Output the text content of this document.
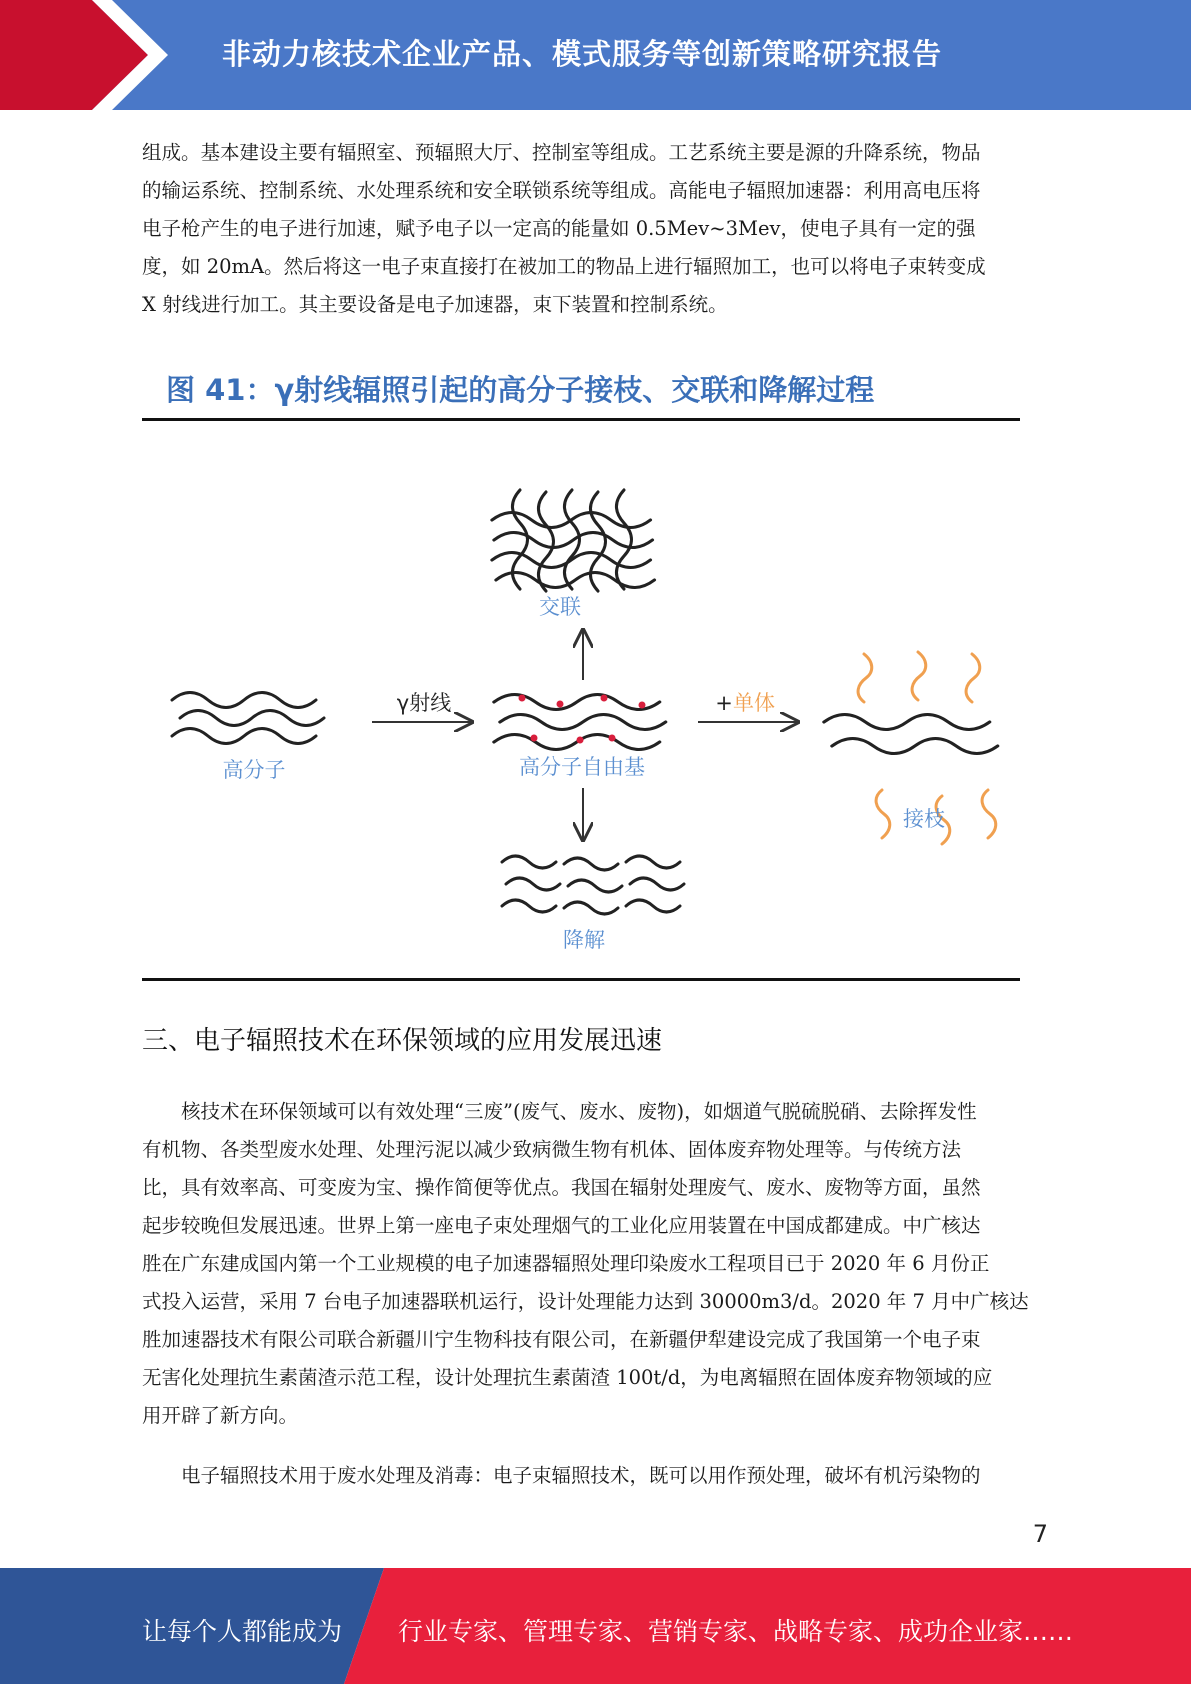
非动力核技术企业产品、模式服务等创新策略研究报告

组成。基本建设主要有辐照室、预辐照大厅、控制室等组成。工艺系统主要是源的升降系统，物品

的输运系统、控制系统、水处理系统和安全联锁系统等组成。高能电子辐照加速器：利用高电压将

电子枪产生的电子进行加速，赋予电子以一定高的能量如 0.5Mev~3Mev，使电子具有一定的强

度，如 20mA。然后将这一电子束直接打在被加工的物品上进行辐照加工，也可以将电子束转变成

X 射线进行加工。其主要设备是电子加速器，束下装置和控制系统。

图 41：γ射线辐照引起的高分子接枝、交联和降解过程
交联
高分子
γ射线
高分子自由基
+ 单体
接枝
降解
三、电子辐照技术在环保领域的应用发展迅速

核技术在环保领域可以有效处理“三废”(废气、废水、废物)，如烟道气脱硫脱硝、去除挥发性

有机物、各类型废水处理、处理污泥以减少致病微生物有机体、固体废弃物处理等。与传统方法

比，具有效率高、可变废为宝、操作简便等优点。我国在辐射处理废气、废水、废物等方面，虽然

起步较晚但发展迅速。世界上第一座电子束处理烟气的工业化应用装置在中国成都建成。中广核达

胜在广东建成国内第一个工业规模的电子加速器辐照处理印染废水工程项目已于 2020 年 6 月份正

式投入运营，采用 7 台电子加速器联机运行，设计处理能力达到 30000m3/d。2020 年 7 月中广核达

胜加速器技术有限公司联合新疆川宁生物科技有限公司，在新疆伊犁建设完成了我国第一个电子束

无害化处理抗生素菌渣示范工程，设计处理抗生素菌渣 100t/d，为电离辐照在固体废弃物领域的应

用开辟了新方向。

电子辐照技术用于废水处理及消毒：电子束辐照技术，既可以用作预处理，破坏有机污染物的

7
让每个人都能成为 行业专家、管理专家、营销专家、战略专家、成功企业家……
